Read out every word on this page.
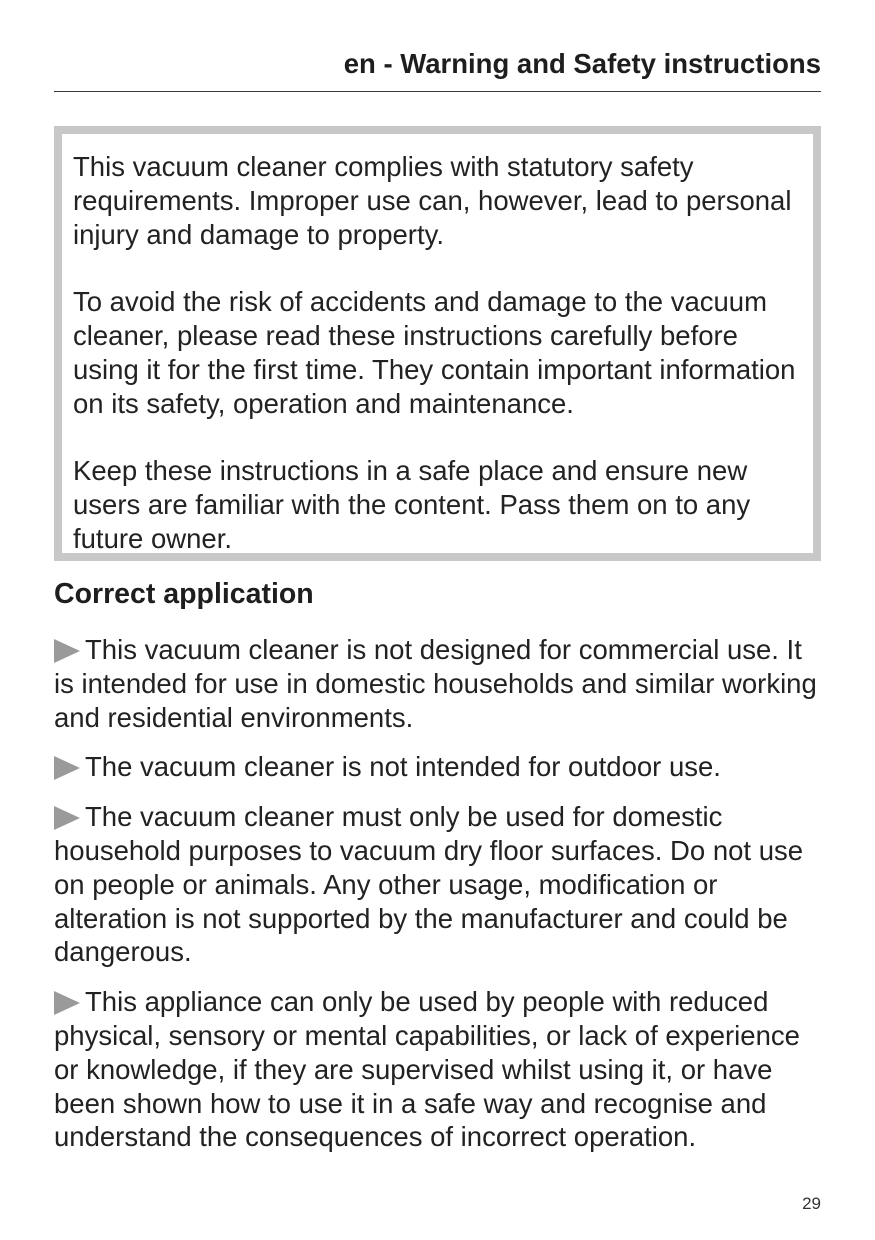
en - Warning and Safety instructions

This vacuum cleaner complies with statutory safety requirements. Improper use can, however, lead to personal injury and damage to property.

To avoid the risk of accidents and damage to the vacuum cleaner, please read these instructions carefully before using it for the first time. They contain important information on its safety, operation and maintenance.

Keep these instructions in a safe place and ensure new users are familiar with the content. Pass them on to any future owner.

Correct application

This vacuum cleaner is not designed for commercial use. It is intended for use in domestic households and similar working and residential environments.

The vacuum cleaner is not intended for outdoor use.

The vacuum cleaner must only be used for domestic household purposes to vacuum dry floor surfaces. Do not use on people or animals. Any other usage, modification or alteration is not supported by the manufacturer and could be dangerous.

This appliance can only be used by people with reduced physical, sensory or mental capabilities, or lack of experience or knowledge, if they are supervised whilst using it, or have been shown how to use it in a safe way and recognise and understand the consequences of incorrect operation.

29
